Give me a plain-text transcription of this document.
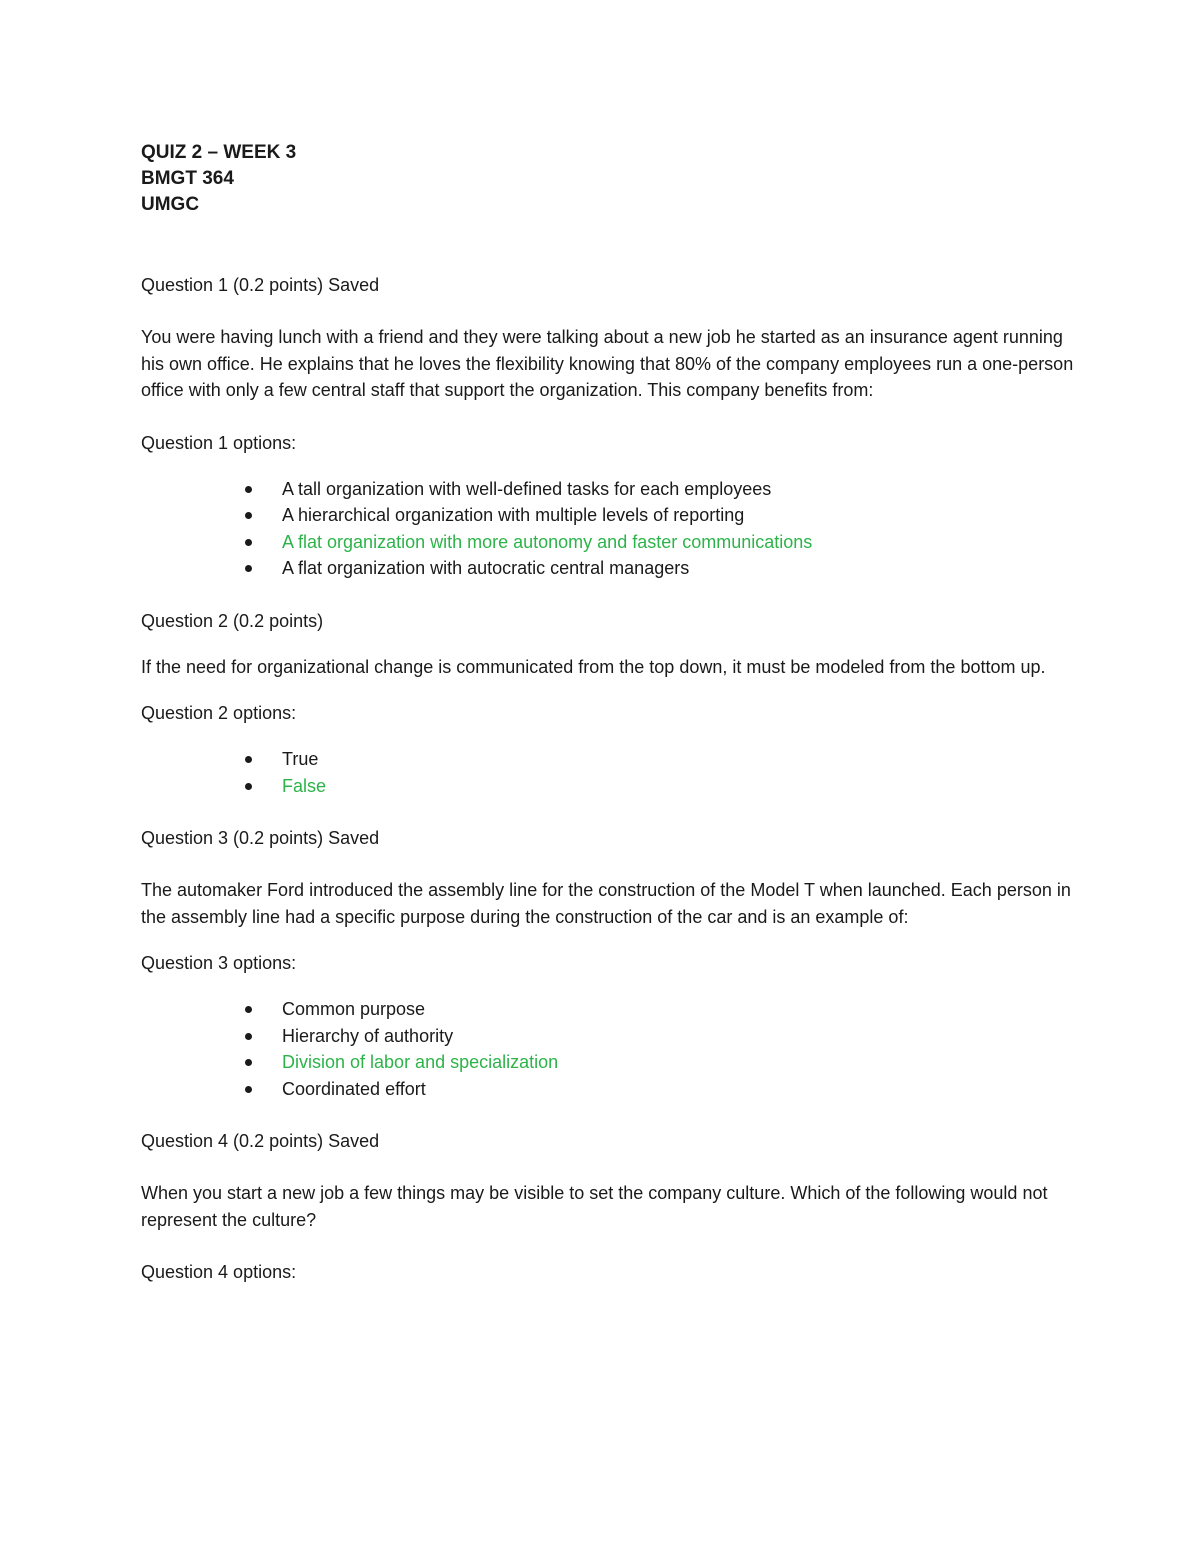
QUIZ 2 – WEEK 3

BMGT 364

UMGC

Question 1 (0.2 points) Saved

You were having lunch with a friend and they were talking about a new job he started as an insurance agent running his own office. He explains that he loves the flexibility knowing that 80% of the company employees run a one-person office with only a few central staff that support the organization. This company benefits from:

Question 1 options:

A tall organization with well-defined tasks for each employees
A hierarchical organization with multiple levels of reporting
A flat organization with more autonomy and faster communications
A flat organization with autocratic central managers

Question 2 (0.2 points)

If the need for organizational change is communicated from the top down, it must be modeled from the bottom up.

Question 2 options:

True
False

Question 3 (0.2 points) Saved

The automaker Ford introduced the assembly line for the construction of the Model T when launched. Each person in the assembly line had a specific purpose during the construction of the car and is an example of:

Question 3 options:

Common purpose
Hierarchy of authority
Division of labor and specialization
Coordinated effort

Question 4 (0.2 points) Saved

When you start a new job a few things may be visible to set the company culture. Which of the following would not represent the culture?

Question 4 options:
